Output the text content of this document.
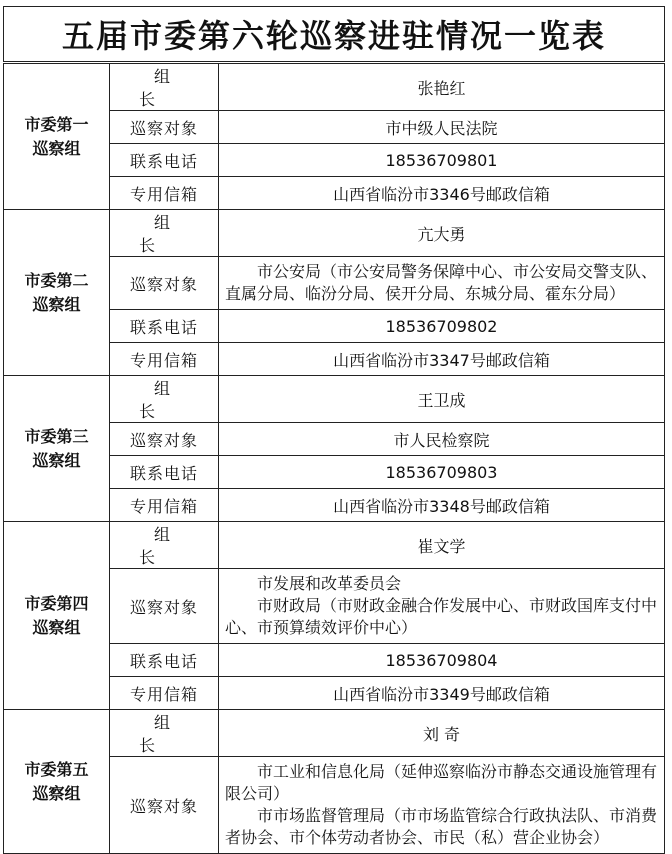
五届市委第六轮巡察进驻情况一览表
市委第一
巡察组	组长	张艳红
	巡察对象	市中级人民法院
	联系电话	18536709801
	专用信箱	山西省临汾市3346号邮政信箱
市委第二
巡察组	组长	亢大勇
	巡察对象	市公安局（市公安局警务保障中心、市公安局交警支队、直属分局、临汾分局、侯开分局、东城分局、霍东分局）

	联系电话	18536709802
	专用信箱	山西省临汾市3347号邮政信箱
市委第三
巡察组	组长	王卫成
	巡察对象	市人民检察院
	联系电话	18536709803
	专用信箱	山西省临汾市3348号邮政信箱
市委第四
巡察组	组长	崔文学
	巡察对象	市发展和改革委员会
市财政局（市财政金融合作发展中心、市财政国库支付中心、市预算绩效评价中心）

	联系电话	18536709804
	专用信箱	山西省临汾市3349号邮政信箱
市委第五
巡察组	组长	刘 奇
	巡察对象	市工业和信息化局（延伸巡察临汾市静态交通设施管理有限公司）
市市场监督管理局（市市场监管综合行政执法队、市消费者协会、市个体劳动者协会、市民（私）营企业协会）
